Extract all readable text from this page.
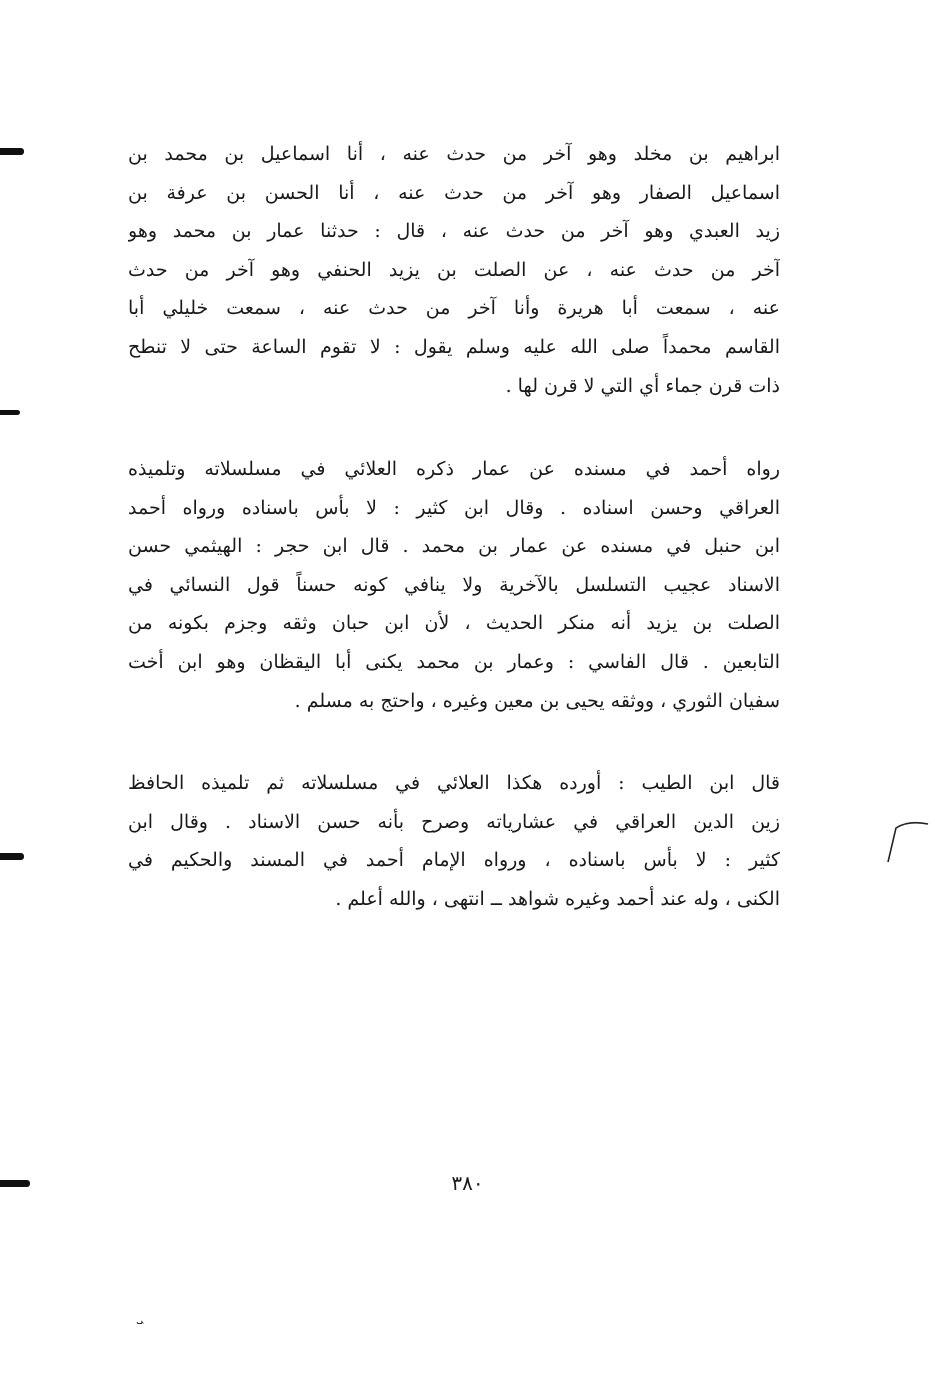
ابراهيم بن مخلد وهو آخر من حدث عنه ، أنا اسماعيل بن محمد بن
اسماعيل الصفار وهو آخر من حدث عنه ، أنا الحسن بن عرفة بن
زيد العبدي وهو آخر من حدث عنه ، قال : حدثنا عمار بن محمد وهو
آخر من حدث عنه ، عن الصلت بن يزيد الحنفي وهو آخر من حدث
عنه ، سمعت أبا هريرة وأنا آخر من حدث عنه ، سمعت خليلي أبا
القاسم محمداً صلى الله عليه وسلم يقول : لا تقوم الساعة حتى لا تنطح
ذات قرن جماء أي التي لا قرن لها .
رواه أحمد في مسنده عن عمار ذكره العلائي في مسلسلاته وتلميذه
العراقي وحسن اسناده . وقال ابن كثير : لا بأس باسناده ورواه أحمد
ابن حنبل في مسنده عن عمار بن محمد . قال ابن حجر : الهيثمي حسن
الاسناد عجيب التسلسل بالآخرية ولا ينافي كونه حسناً قول النسائي في
الصلت بن يزيد أنه منكر الحديث ، لأن ابن حبان وثقه وجزم بكونه من
التابعين . قال الفاسي : وعمار بن محمد يكنى أبا اليقظان وهو ابن أخت
سفيان الثوري ، ووثقه يحيى بن معين وغيره ، واحتج به مسلم .
قال ابن الطيب : أورده هكذا العلائي في مسلسلاته ثم تلميذه الحافظ
زين الدين العراقي في عشارياته وصرح بأنه حسن الاسناد . وقال ابن
كثير : لا بأس باسناده ، ورواه الإمام أحمد في المسند والحكيم في
الكنى ، وله عند أحمد وغيره شواهد ــ انتهى ، والله أعلم .
٣٨٠
ܝ
